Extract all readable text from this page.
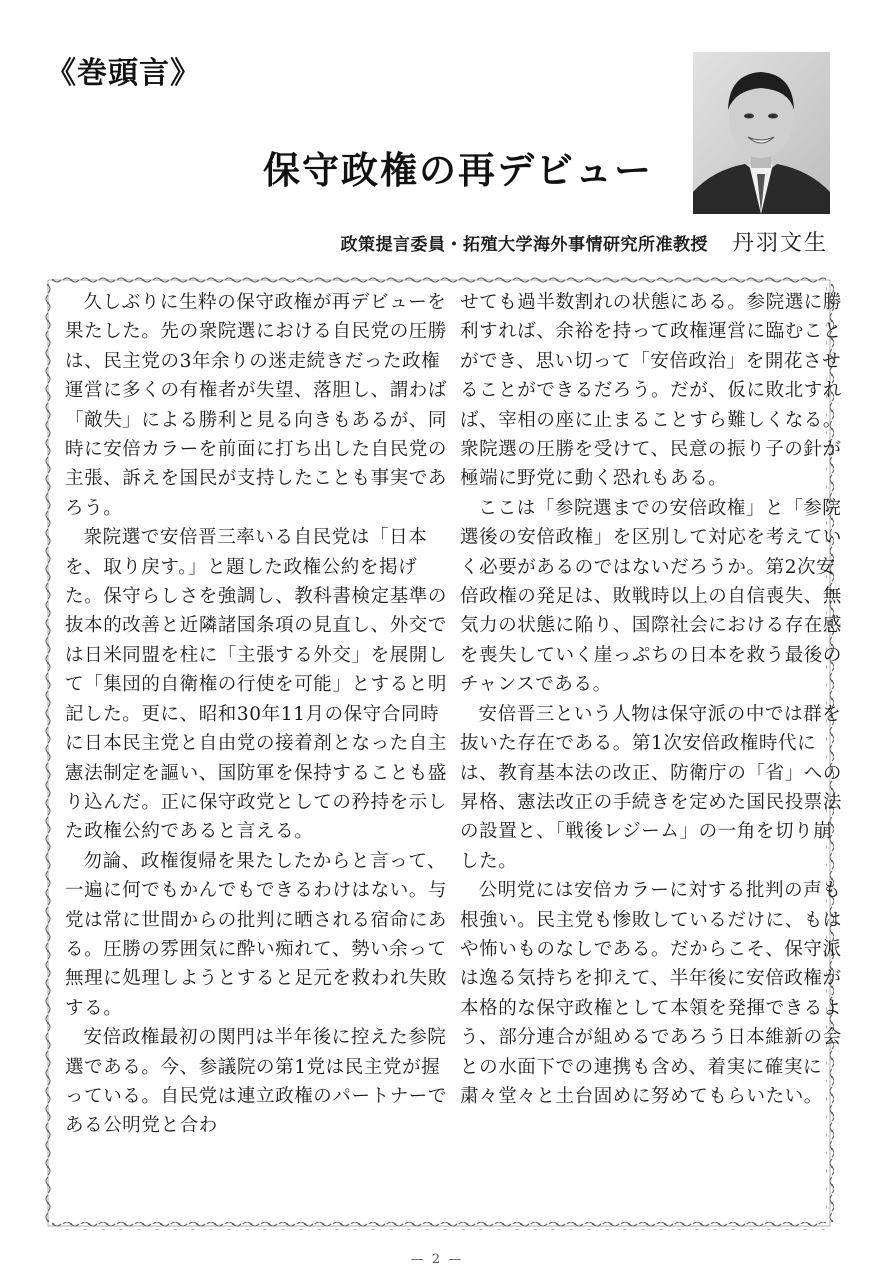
《巻頭言》
保守政権の再デビュー
政策提言委員・拓殖大学海外事情研究所准教授 丹羽文生

久しぶりに生粋の保守政権が再デビューを果たした。先の衆院選における自民党の圧勝は、民主党の3年余りの迷走続きだった政権運営に多くの有権者が失望、落胆し、謂わば「敵失」による勝利と見る向きもあるが、同時に安倍カラーを前面に打ち出した自民党の主張、訴えを国民が支持したことも事実であろう。

衆院選で安倍晋三率いる自民党は「日本を、取り戻す。」と題した政権公約を掲げた。保守らしさを強調し、教科書検定基準の抜本的改善と近隣諸国条項の見直し、外交では日米同盟を柱に「主張する外交」を展開して「集団的自衛権の行使を可能」とすると明記した。更に、昭和30年11月の保守合同時に日本民主党と自由党の接着剤となった自主憲法制定を謳い、国防軍を保持することも盛り込んだ。正に保守政党としての矜持を示した政権公約であると言える。

勿論、政権復帰を果たしたからと言って、一遍に何でもかんでもできるわけはない。与党は常に世間からの批判に晒される宿命にある。圧勝の雰囲気に酔い痴れて、勢い余って無理に処理しようとすると足元を救われ失敗する。

安倍政権最初の関門は半年後に控えた参院選である。今、参議院の第1党は民主党が握っている。自民党は連立政権のパートナーである公明党と合わ

せても過半数割れの状態にある。参院選に勝利すれば、余裕を持って政権運営に臨むことができ、思い切って「安倍政治」を開花させることができるだろう。だが、仮に敗北すれば、宰相の座に止まることすら難しくなる。衆院選の圧勝を受けて、民意の振り子の針が極端に野党に動く恐れもある。

ここは「参院選までの安倍政権」と「参院選後の安倍政権」を区別して対応を考えていく必要があるのではないだろうか。第2次安倍政権の発足は、敗戦時以上の自信喪失、無気力の状態に陥り、国際社会における存在感を喪失していく崖っぷちの日本を救う最後のチャンスである。

安倍晋三という人物は保守派の中では群を抜いた存在である。第1次安倍政権時代には、教育基本法の改正、防衛庁の「省」への昇格、憲法改正の手続きを定めた国民投票法の設置と、「戦後レジーム」の一角を切り崩した。

公明党には安倍カラーに対する批判の声も根強い。民主党も惨敗しているだけに、もはや怖いものなしである。だからこそ、保守派は逸る気持ちを抑えて、半年後に安倍政権が本格的な保守政権として本領を発揮できるよう、部分連合が組めるであろう日本維新の会との水面下での連携も含め、着実に確実に粛々堂々と土台固めに努めてもらいたい。

— 2 —
